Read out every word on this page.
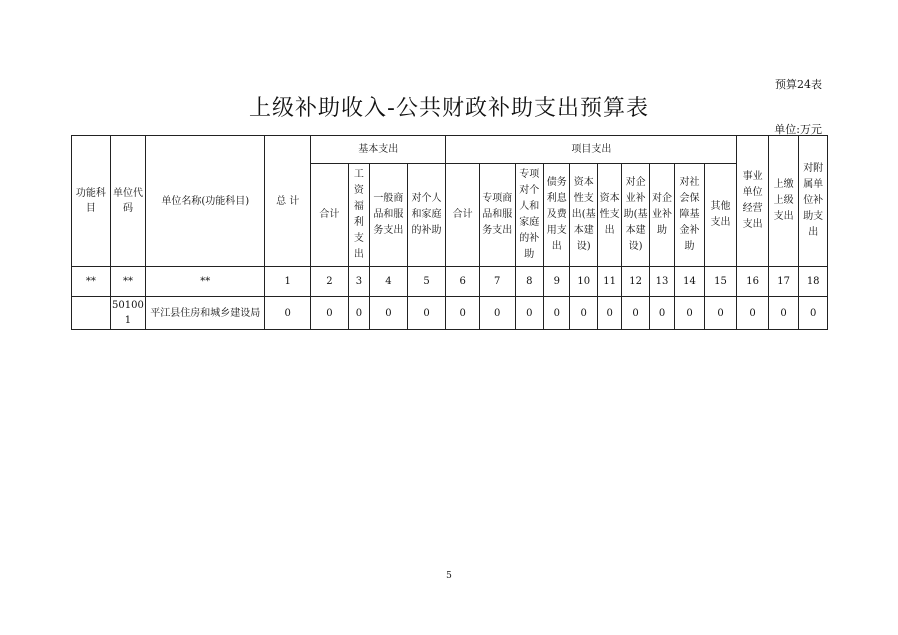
预算24表
上级补助收入-公共财政补助支出预算表
单位:万元
功能科目	单位代码	单位名称(功能科目)	总 计	基本支出				项目支出										事业单位经营支出	上缴上级支出	对附属单位补助支出
				合计	工资福利支出	一般商品和服务支出	对个人和家庭的补助	合计	专项商品和服务支出	专项对个人和家庭的补助	债务利息及费用支出	资本性支出(基本建设)	资本性支出	对企业补助(基本建设)	对企业补助	对社会保障基金补助	其他支出			
**	**	**	1	2	3	4	5	6	7	8	9	10	11	12	13	14	15	16	17	18
	501001	平江县住房和城乡建设局	0	0	0	0	0	0	0	0	0	0	0	0	0	0	0	0	0	0
5
